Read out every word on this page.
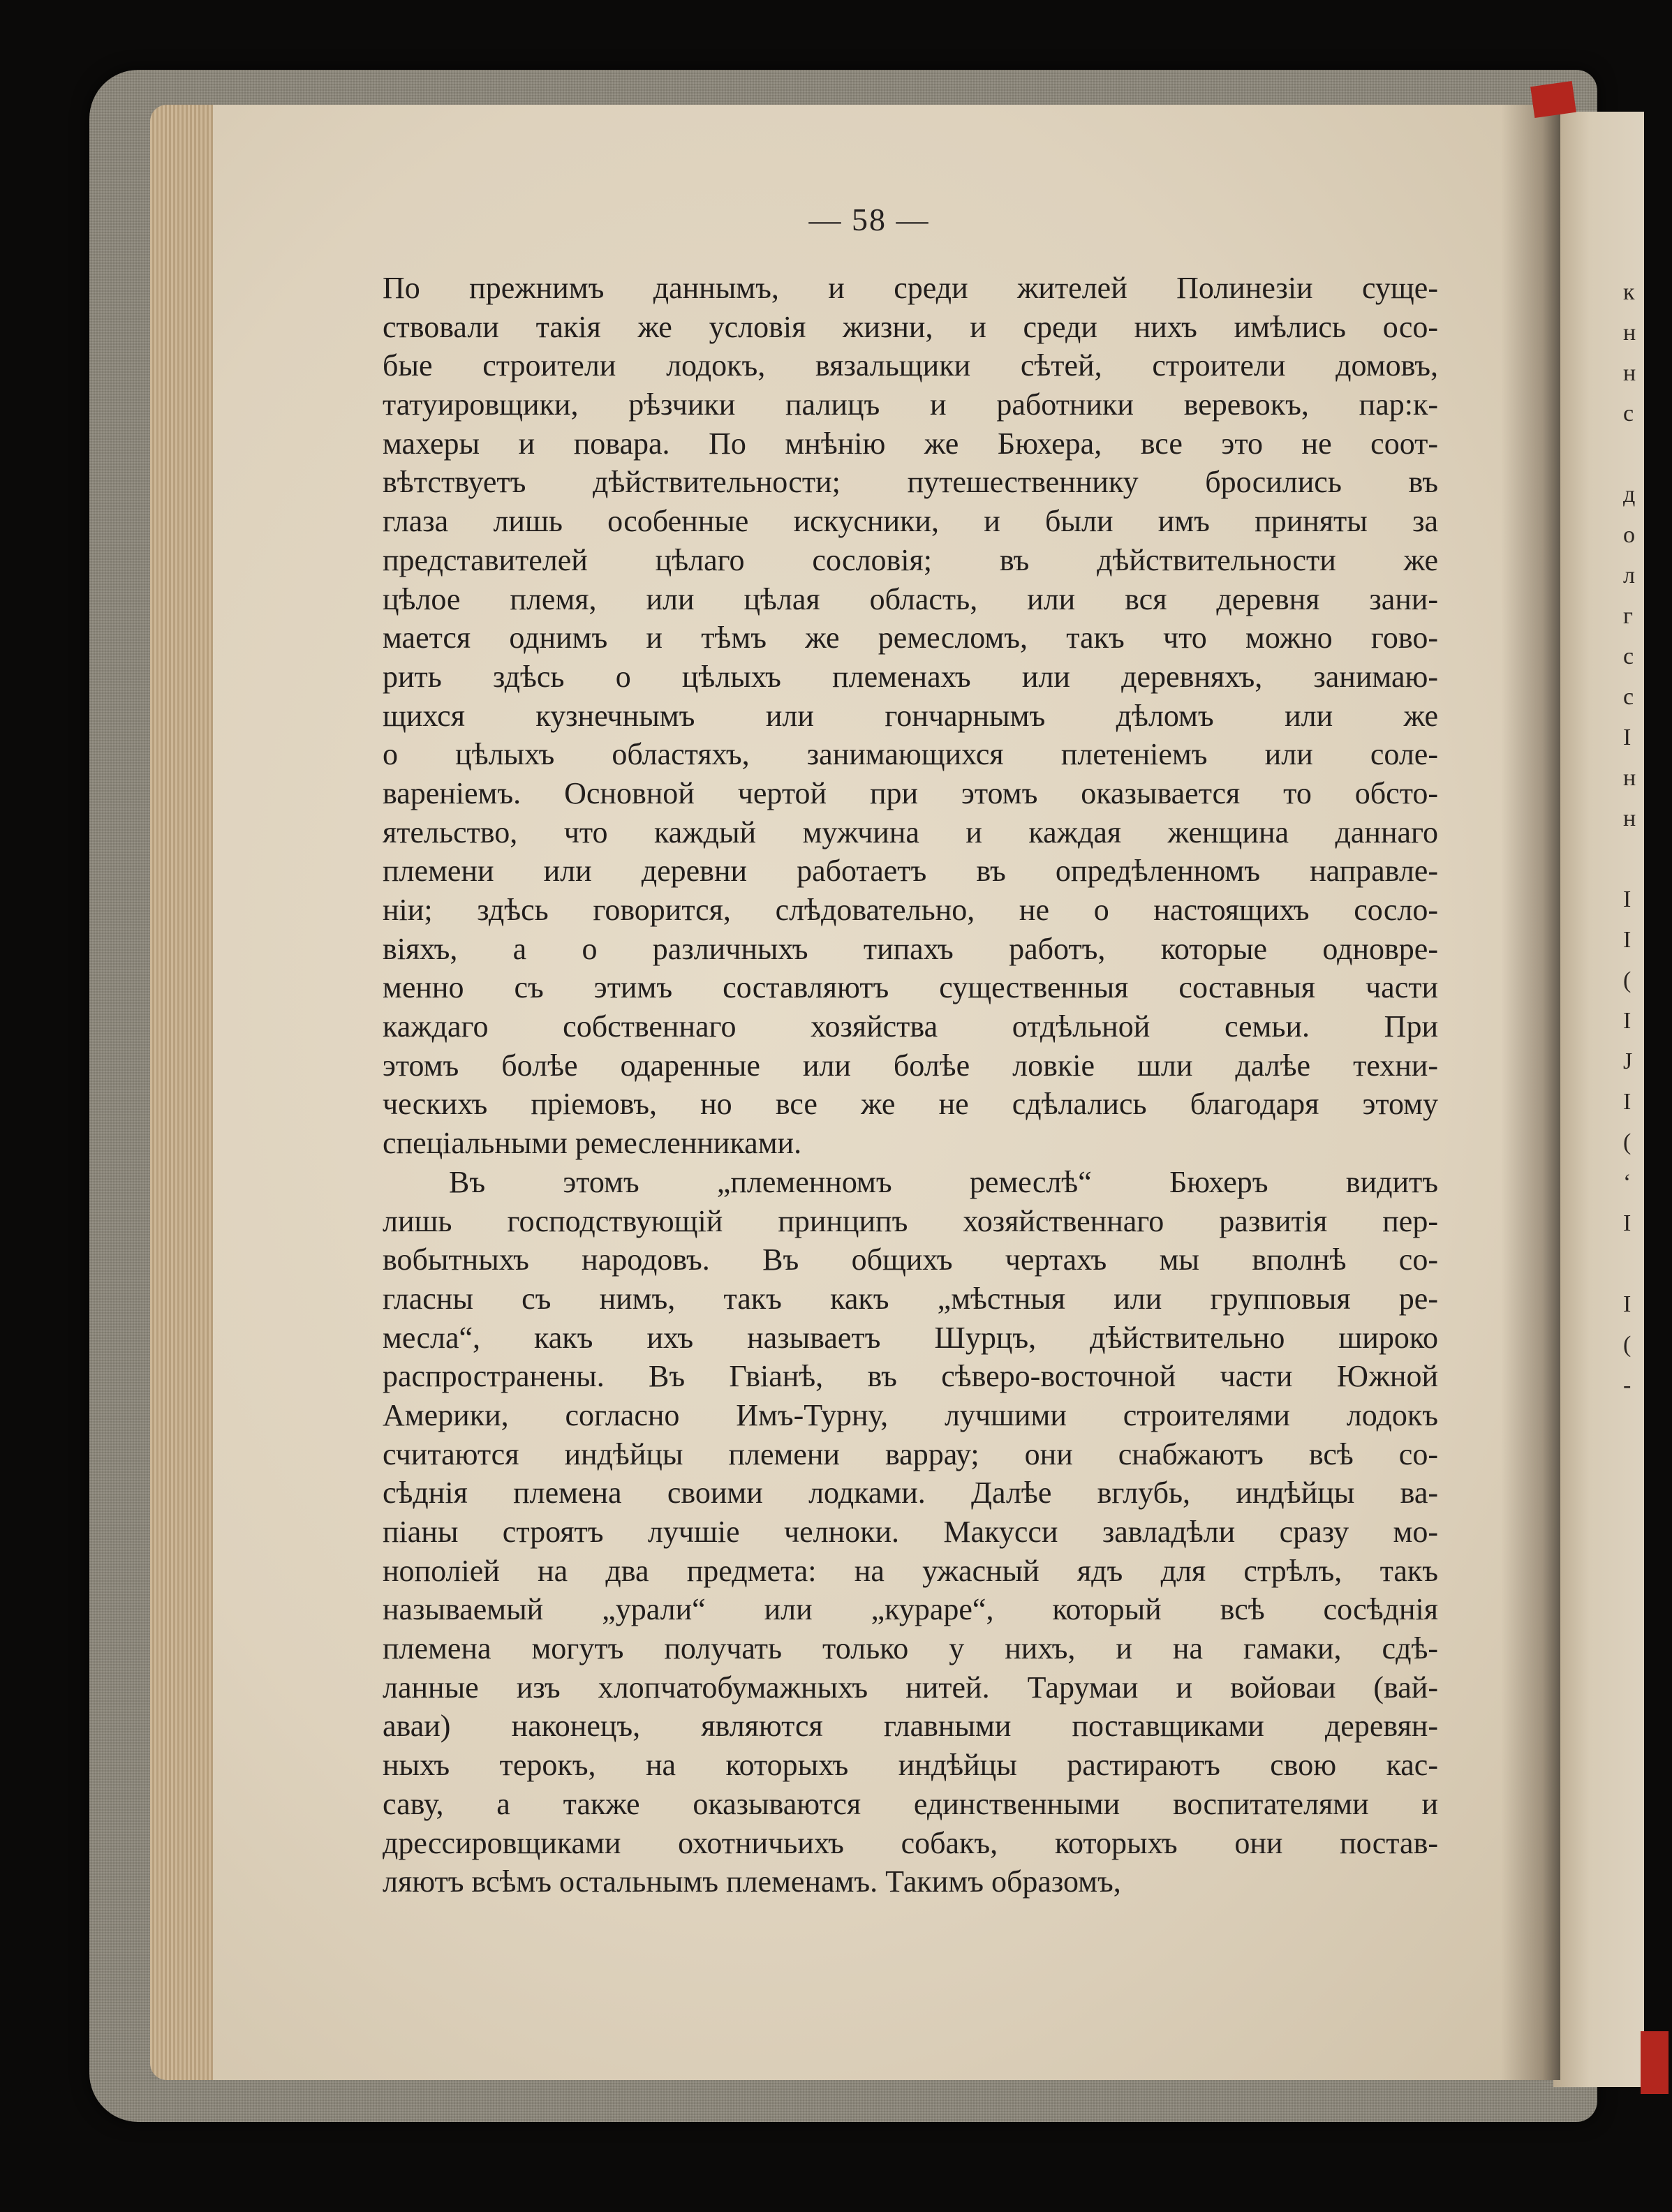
к
н
н
с
д
о
л
г
с
с
I
н
н
I
I
(
I
J
I
(
‘
I
I
(
-
— 58 —
По прежнимъ даннымъ, и среди жителей Полинезіи суще-
ствовали такія же условія жизни, и среди нихъ имѣлись осо-
бые строители лодокъ, вязальщики сѣтей, строители домовъ,
татуировщики, рѣзчики палицъ и работники веревокъ, пар:к-
махеры и повара. По мнѣнію же Бюхера, все это не соот-
вѣтствуетъ дѣйствительности; путешественнику бросились въ
глаза лишь особенные искусники, и были имъ приняты за
представителей цѣлаго сословія; въ дѣйствительности же
цѣлое племя, или цѣлая область, или вся деревня зани-
мается однимъ и тѣмъ же ремесломъ, такъ что можно гово-
рить здѣсь о цѣлыхъ племенахъ или деревняхъ, занимаю-
щихся кузнечнымъ или гончарнымъ дѣломъ или же
о цѣлыхъ областяхъ, занимающихся плетеніемъ или соле-
вареніемъ. Основной чертой при этомъ оказывается то обсто-
ятельство, что каждый мужчина и каждая женщина даннаго
племени или деревни работаетъ въ опредѣленномъ направле-
ніи; здѣсь говорится, слѣдовательно, не о настоящихъ сосло-
віяхъ, а о различныхъ типахъ работъ, которые одновре-
менно съ этимъ составляютъ существенныя составныя части
каждаго собственнаго хозяйства отдѣльной семьи. При
этомъ болѣе одаренные или болѣе ловкіе шли далѣе техни-
ческихъ пріемовъ, но все же не сдѣлались благодаря этому
спеціальными ремесленниками.
Въ этомъ „племенномъ ремеслѣ“ Бюхеръ видитъ
лишь господствующій принципъ хозяйственнаго развитія пер-
вобытныхъ народовъ. Въ общихъ чертахъ мы вполнѣ со-
гласны съ нимъ, такъ какъ „мѣстныя или групповыя ре-
месла“, какъ ихъ называетъ Шурцъ, дѣйствительно широко
распространены. Въ Гвіанѣ, въ сѣверо-восточной части Южной
Америки, согласно Имъ-Турну, лучшими строителями лодокъ
считаются индѣйцы племени варрау; они снабжаютъ всѣ со-
сѣднія племена своими лодками. Далѣе вглубь, индѣйцы ва-
піаны строятъ лучшіе челноки. Макусси завладѣли сразу мо-
нополіей на два предмета: на ужасный ядъ для стрѣлъ, такъ
называемый „урали“ или „кураре“, который всѣ сосѣднія
племена могутъ получать только у нихъ, и на гамаки, сдѣ-
ланные изъ хлопчатобумажныхъ нитей. Тарумаи и войоваи (вай-
аваи) наконецъ, являются главными поставщиками деревян-
ныхъ терокъ, на которыхъ индѣйцы растираютъ свою кас-
саву, а также оказываются единственными воспитателями и
дрессировщиками охотничьихъ собакъ, которыхъ они постав-
ляютъ всѣмъ остальнымъ племенамъ. Такимъ образомъ,
